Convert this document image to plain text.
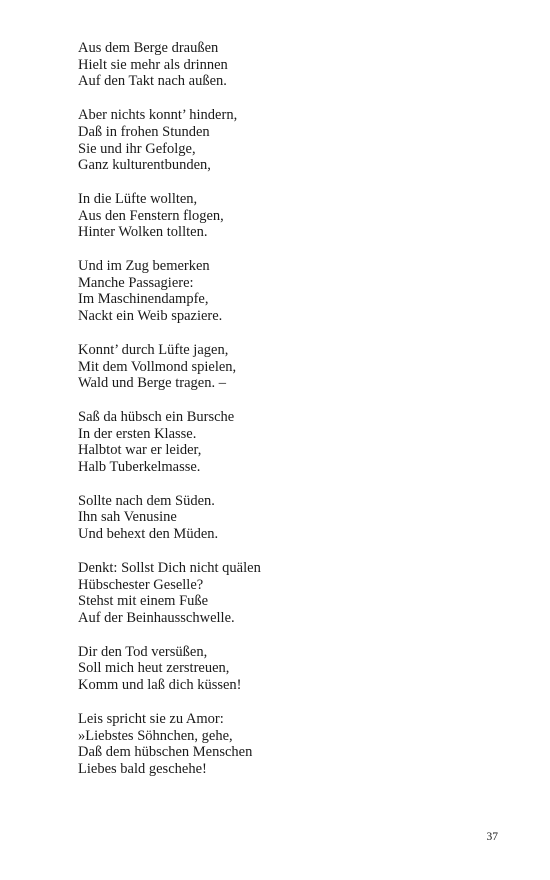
Aus dem Berge draußen
Hielt sie mehr als drinnen
Auf den Takt nach außen.
Aber nichts konnt’ hindern,
Daß in frohen Stunden
Sie und ihr Gefolge,
Ganz kulturentbunden,
In die Lüfte wollten,
Aus den Fenstern flogen,
Hinter Wolken tollten.
Und im Zug bemerken
Manche Passagiere:
Im Maschinendampfe,
Nackt ein Weib spaziere.
Konnt’ durch Lüfte jagen,
Mit dem Vollmond spielen,
Wald und Berge tragen. –
Saß da hübsch ein Bursche
In der ersten Klasse.
Halbtot war er leider,
Halb Tuberkelmasse.
Sollte nach dem Süden.
Ihn sah Venusine
Und behext den Müden.
Denkt: Sollst Dich nicht quälen
Hübschester Geselle?
Stehst mit einem Fuße
Auf der Beinhausschwelle.
Dir den Tod versüßen,
Soll mich heut zerstreuen,
Komm und laß dich küssen!
Leis spricht sie zu Amor:
»Liebstes Söhnchen, gehe,
Daß dem hübschen Menschen
Liebes bald geschehe!
37
